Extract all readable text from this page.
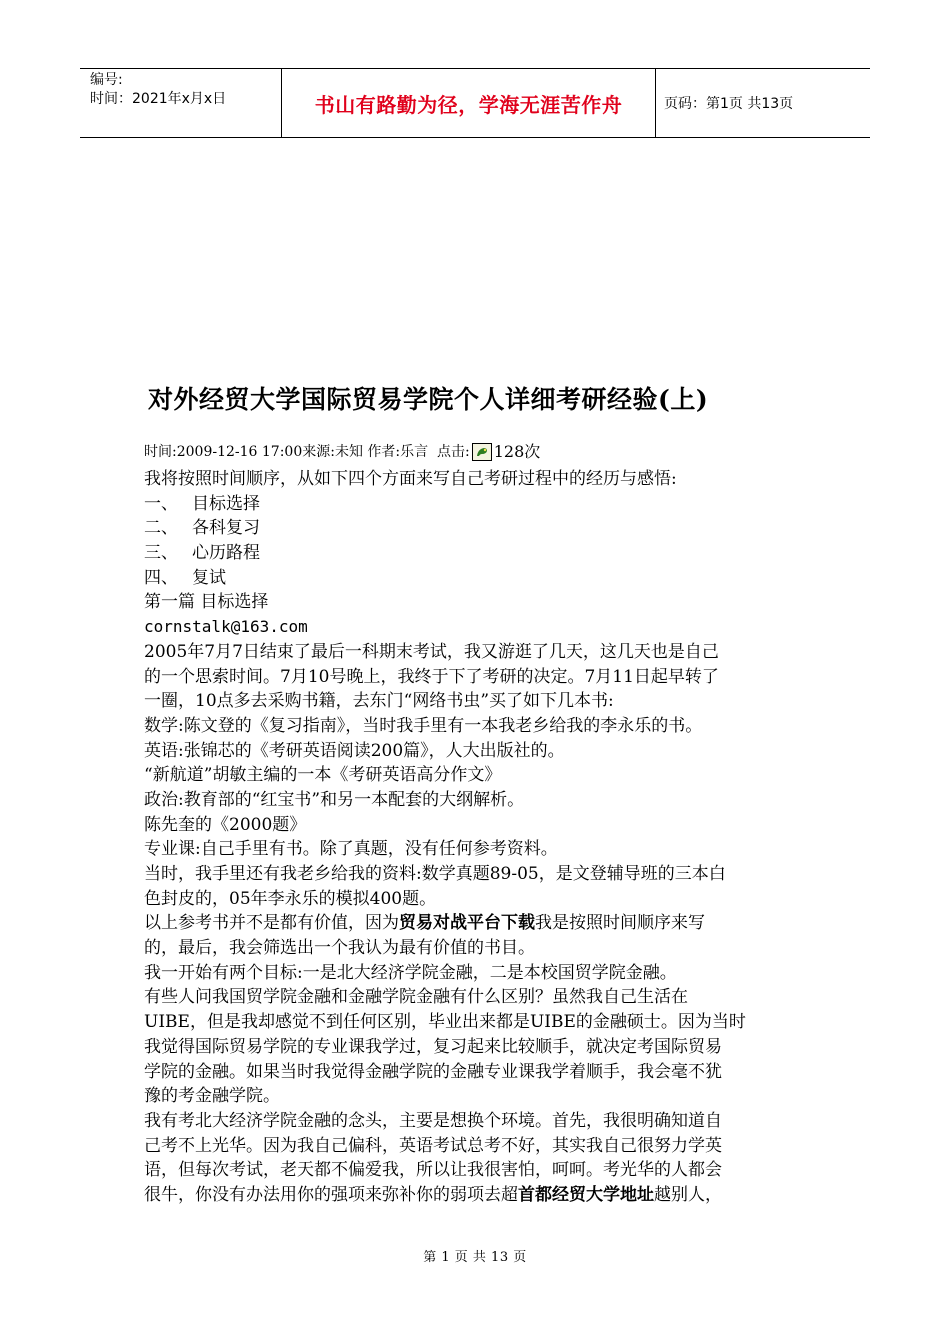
编号:
时间：2021年x月x日	书山有路勤为径，学海无涯苦作舟	页码：第1页 共13页
对外经贸大学国际贸易学院个人详细考研经验(上)
时间:2009-12-16 17:00 来源:未知
作者:乐言
点击: 128次
我将按照时间顺序，从如下四个方面来写自己考研过程中的经历与感悟:
一、 目标选择
二、 各科复习
三、 心历路程
四、 复试
第一篇 目标选择
cornstalk@163.com
2005年7月7日结束了最后一科期末考试，我又游逛了几天，这几天也是自己
的一个思索时间。7月10号晚上，我终于下了考研的决定。7月11日起早转了
一圈，10点多去采购书籍，去东门“网络书虫”买了如下几本书:
数学:陈文登的《复习指南》，当时我手里有一本我老乡给我的李永乐的书。
英语:张锦芯的《考研英语阅读200篇》，人大出版社的。
“新航道”胡敏主编的一本《考研英语高分作文》
政治:教育部的“红宝书”和另一本配套的大纲解析。
陈先奎的《2000题》
专业课:自己手里有书。除了真题，没有任何参考资料。
当时，我手里还有我老乡给我的资料:数学真题89-05，是文登辅导班的三本白
色封皮的，05年李永乐的模拟400题。
以上参考书并不是都有价值，因为贸易对战平台下载我是按照时间顺序来写
的，最后，我会筛选出一个我认为最有价值的书目。
我一开始有两个目标:一是北大经济学院金融，二是本校国贸学院金融。
有些人问我国贸学院金融和金融学院金融有什么区别？虽然我自己生活在
UIBE，但是我却感觉不到任何区别，毕业出来都是UIBE的金融硕士。因为当时
我觉得国际贸易学院的专业课我学过，复习起来比较顺手，就决定考国际贸易
学院的金融。如果当时我觉得金融学院的金融专业课我学着顺手，我会毫不犹
豫的考金融学院。
我有考北大经济学院金融的念头，主要是想换个环境。首先，我很明确知道自
己考不上光华。因为我自己偏科，英语考试总考不好，其实我自己很努力学英
语，但每次考试，老天都不偏爱我，所以让我很害怕，呵呵。考光华的人都会
很牛，你没有办法用你的强项来弥补你的弱项去超首都经贸大学地址越别人，
第 1 页 共 13 页
